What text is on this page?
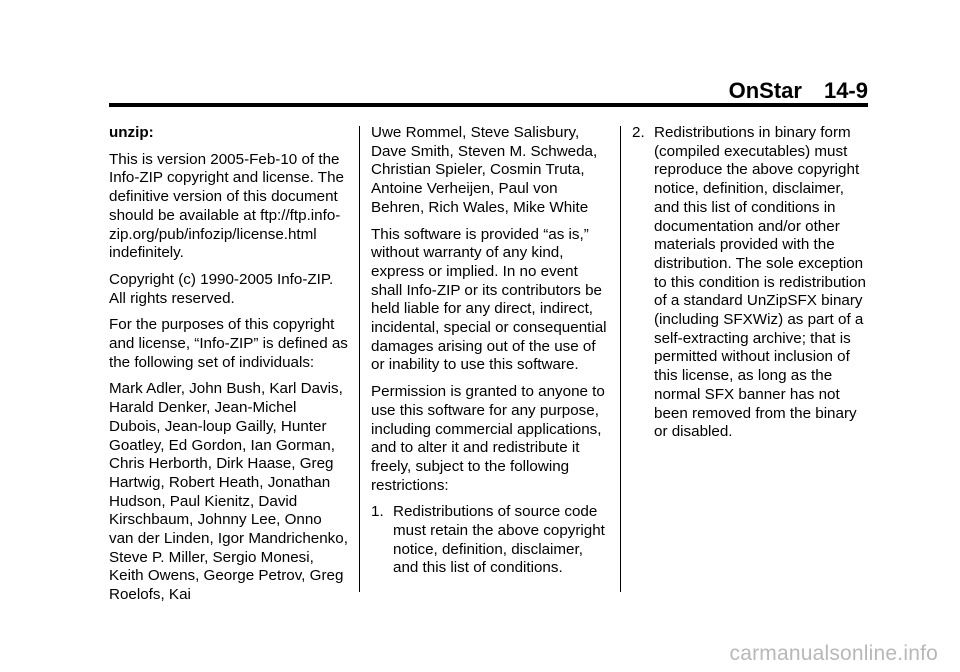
OnStar 14-9

unzip:

This is version 2005-Feb-10 of the Info-ZIP copyright and license. The definitive version of this document should be available at ftp://ftp.info-zip.org/pub/infozip/license.html indefinitely.

Copyright (c) 1990-2005 Info-ZIP. All rights reserved.

For the purposes of this copyright and license, “Info-ZIP” is defined as the following set of individuals:

Mark Adler, John Bush, Karl Davis, Harald Denker, Jean-Michel Dubois, Jean-loup Gailly, Hunter Goatley, Ed Gordon, Ian Gorman, Chris Herborth, Dirk Haase, Greg Hartwig, Robert Heath, Jonathan Hudson, Paul Kienitz, David Kirschbaum, Johnny Lee, Onno van der Linden, Igor Mandrichenko, Steve P. Miller, Sergio Monesi, Keith Owens, George Petrov, Greg Roelofs, Kai

Uwe Rommel, Steve Salisbury, Dave Smith, Steven M. Schweda, Christian Spieler, Cosmin Truta, Antoine Verheijen, Paul von Behren, Rich Wales, Mike White

This software is provided “as is,” without warranty of any kind, express or implied. In no event shall Info-ZIP or its contributors be held liable for any direct, indirect, incidental, special or consequential damages arising out of the use of or inability to use this software.

Permission is granted to anyone to use this software for any purpose, including commercial applications, and to alter it and redistribute it freely, subject to the following restrictions:

1. Redistributions of source code must retain the above copyright notice, definition, disclaimer, and this list of conditions.
2. Redistributions in binary form (compiled executables) must reproduce the above copyright notice, definition, disclaimer, and this list of conditions in documentation and/or other materials provided with the distribution. The sole exception to this condition is redistribution of a standard UnZipSFX binary (including SFXWiz) as part of a self-extracting archive; that is permitted without inclusion of this license, as long as the normal SFX banner has not been removed from the binary or disabled.
carmanualsonline.info
